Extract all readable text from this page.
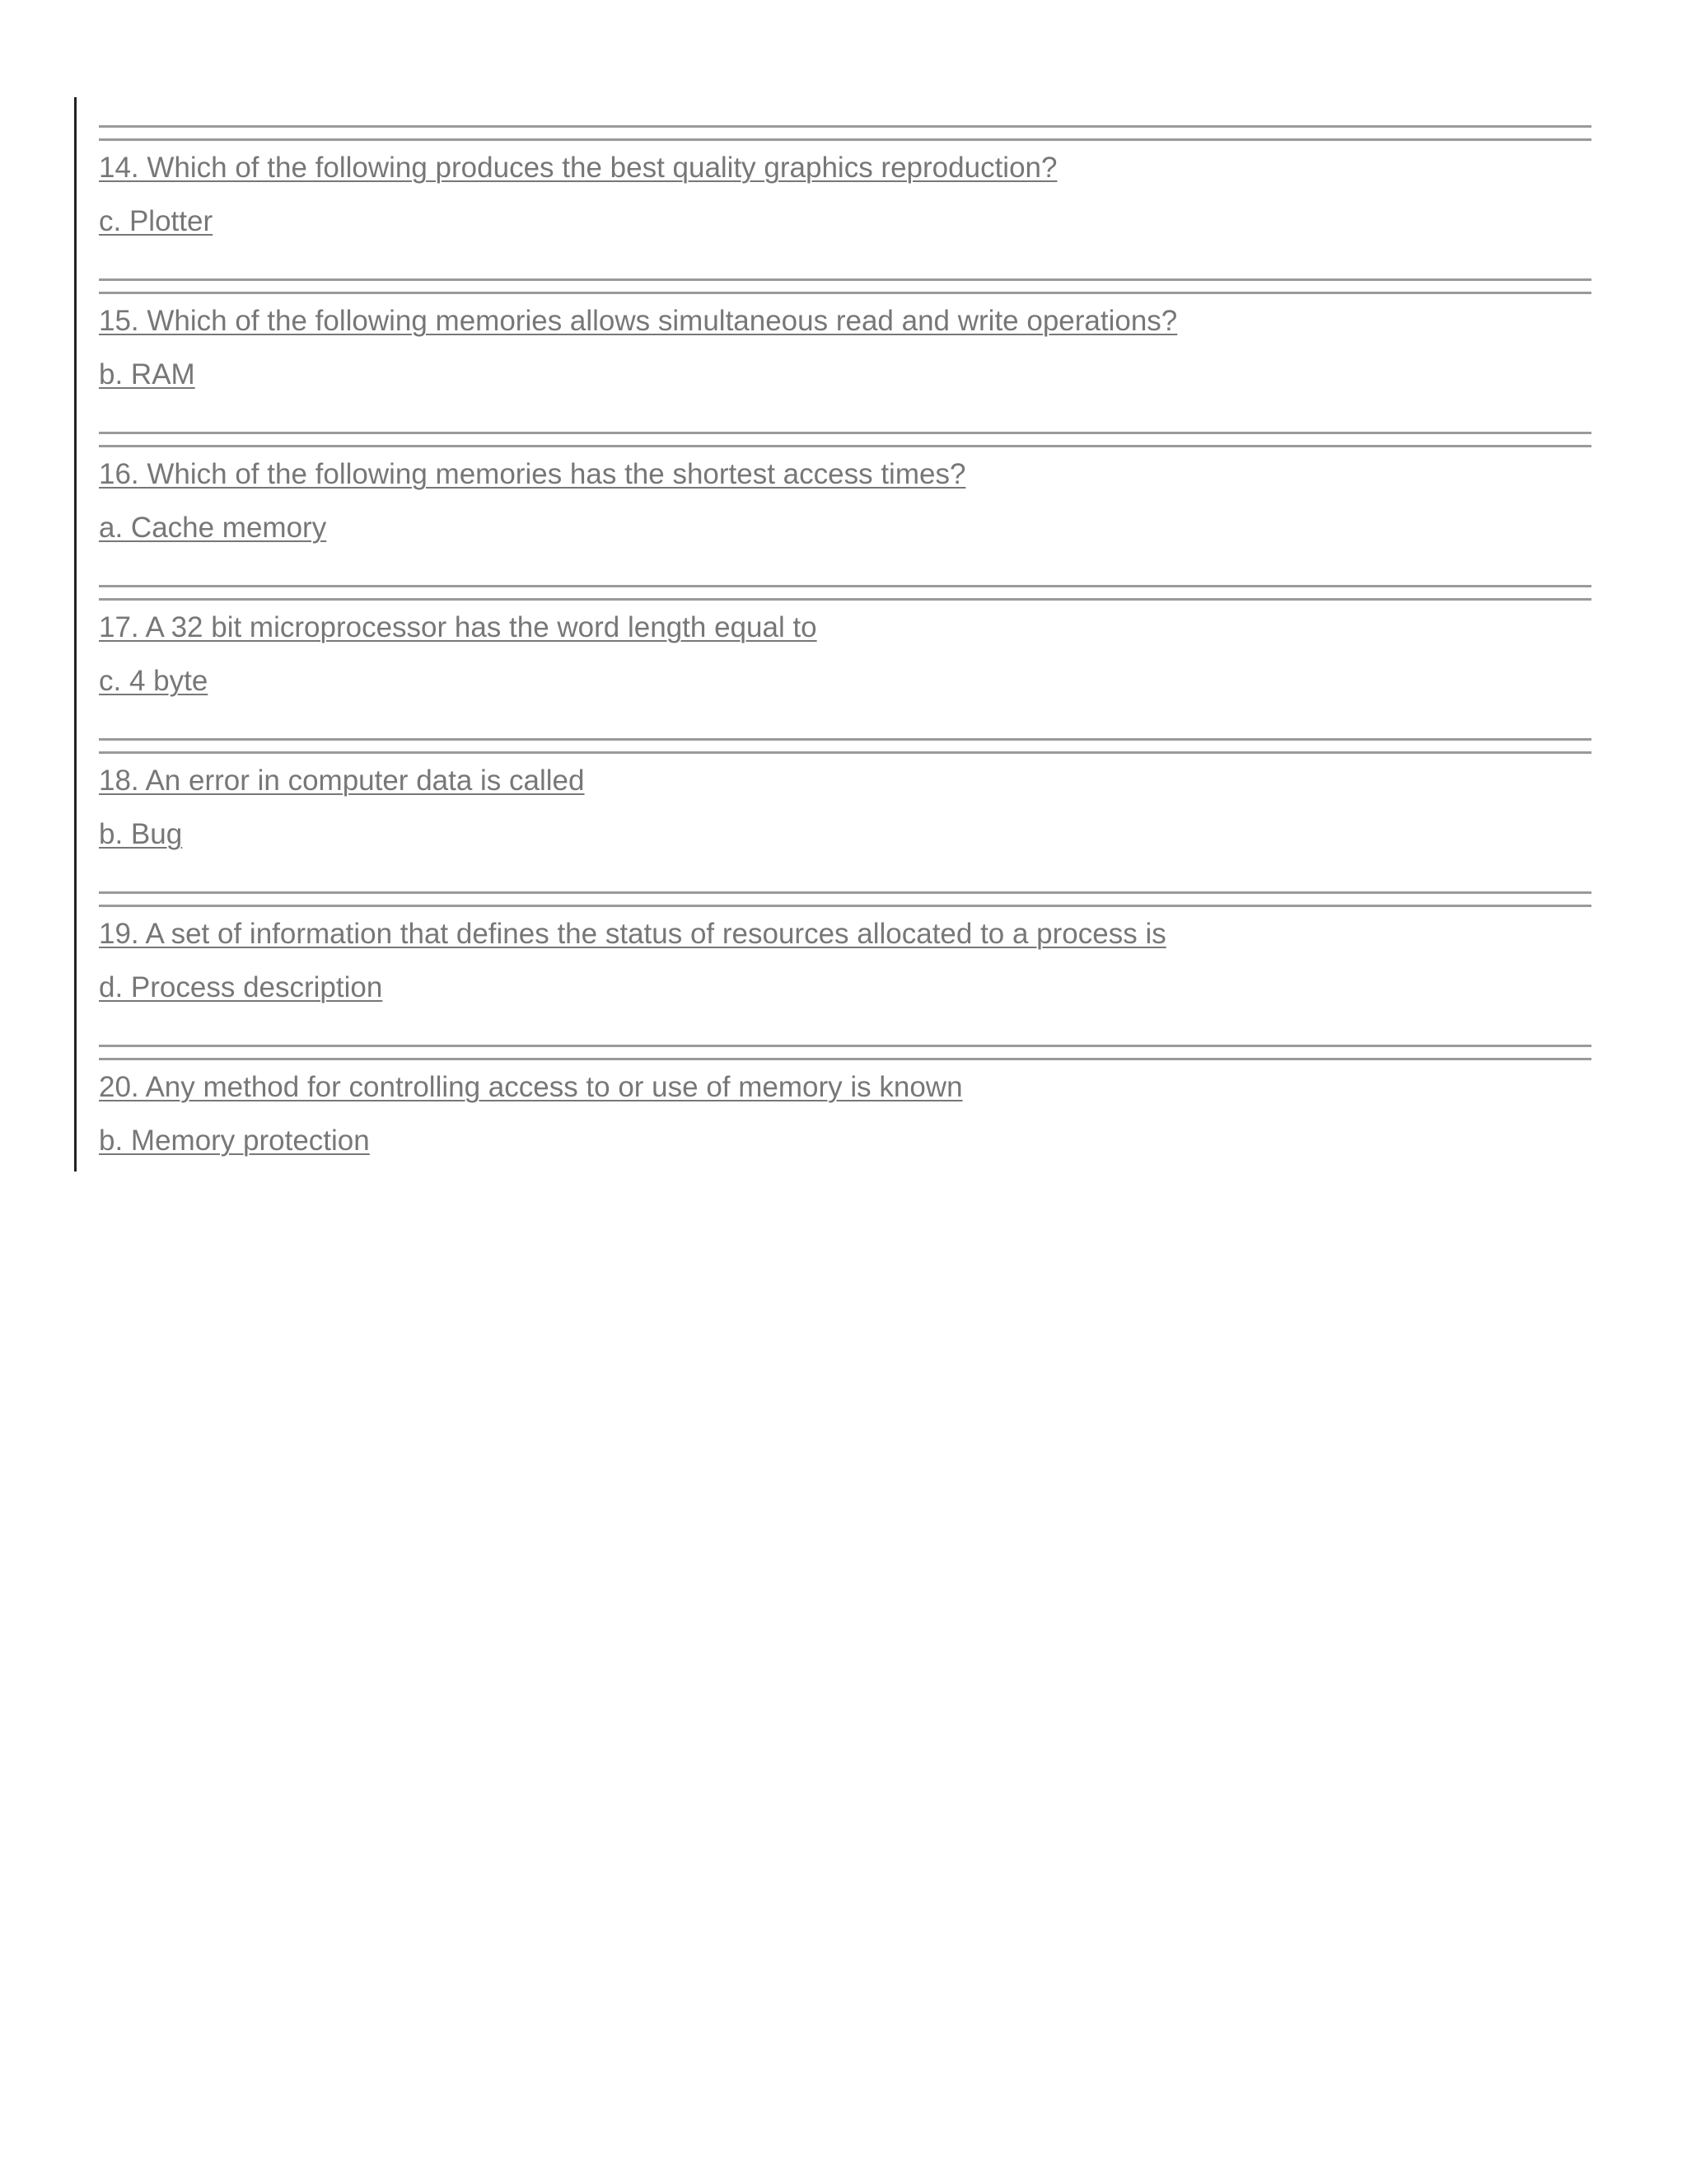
14. Which of the following produces the best quality graphics reproduction?
c. Plotter
15. Which of the following memories allows simultaneous read and write operations?
b. RAM
16. Which of the following memories has the shortest access times?
a. Cache memory
17. A 32 bit microprocessor has the word length equal to
c. 4 byte
18. An error in computer data is called
b. Bug
19. A set of information that defines the status of resources allocated to a process is
d. Process description
20. Any method for controlling access to or use of memory is known
b. Memory protection
